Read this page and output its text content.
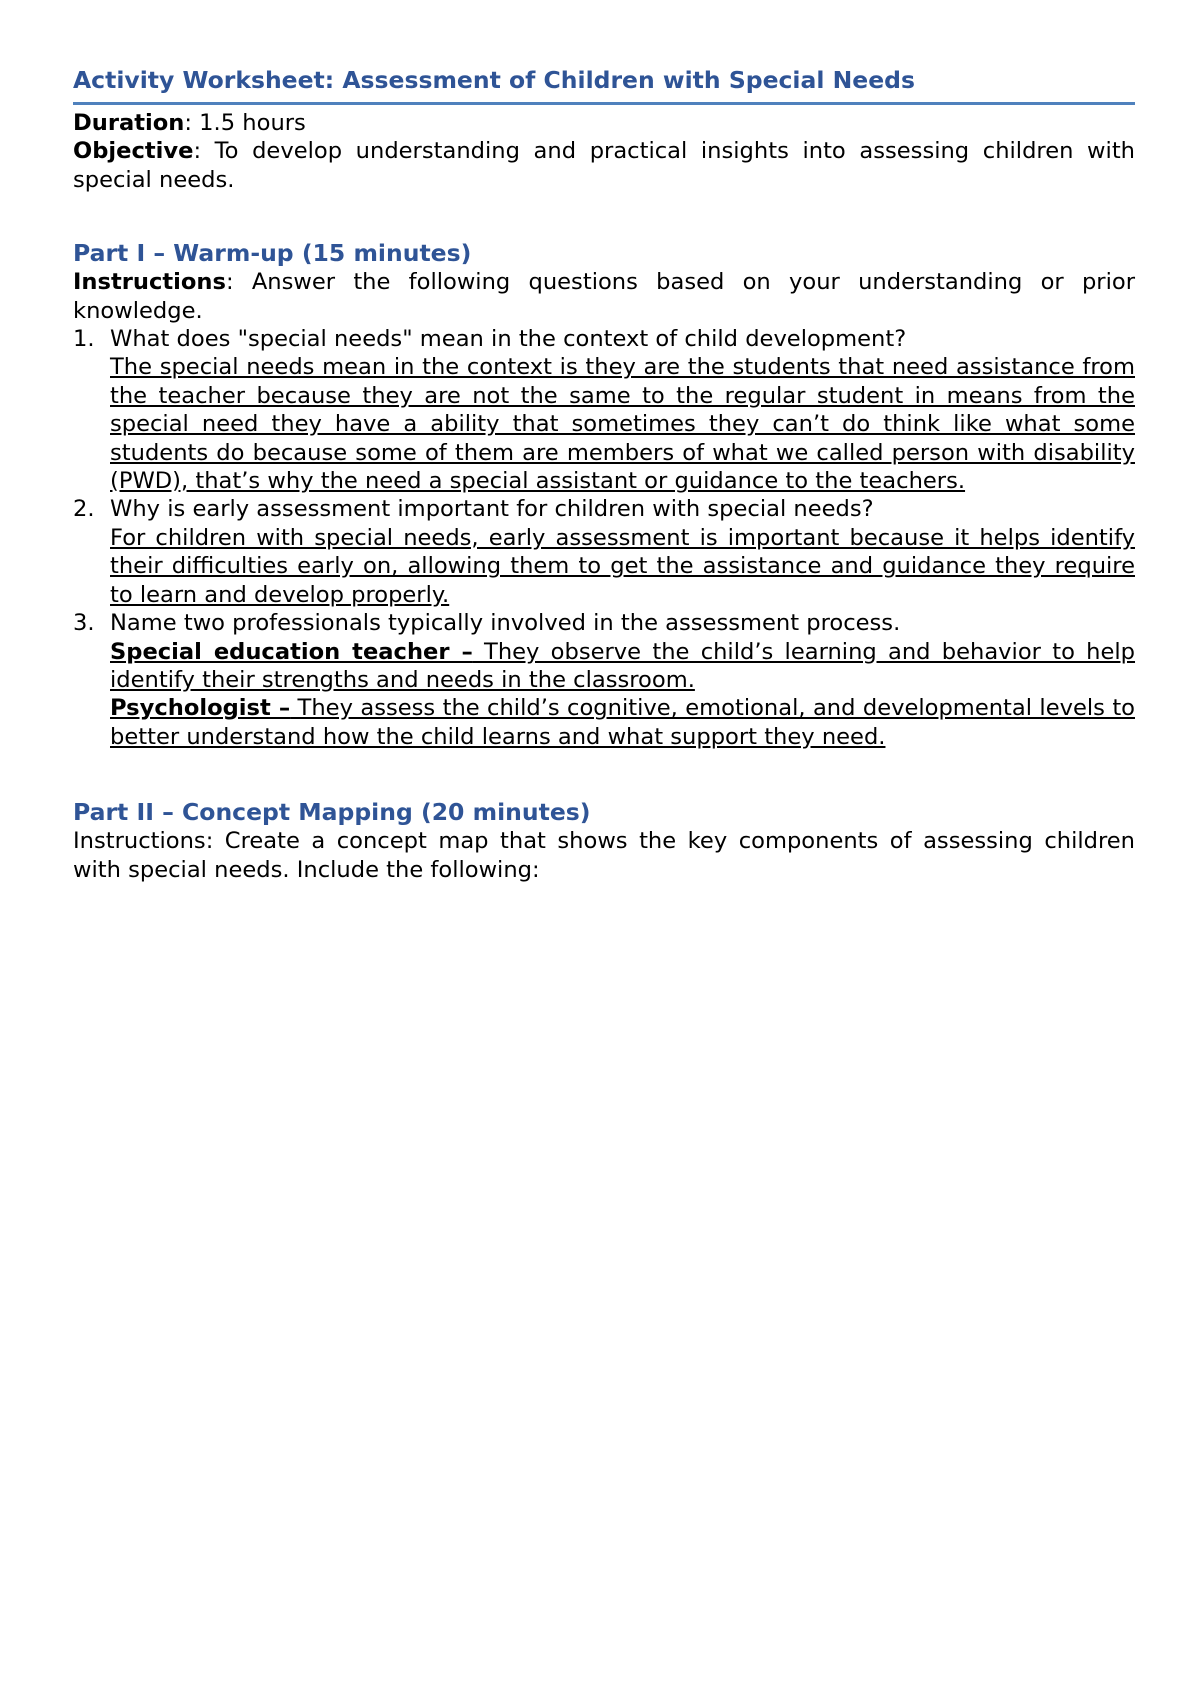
Activity Worksheet: Assessment of Children with Special Needs
Duration: 1.5 hours
Objective: To develop understanding and practical insights into assessing children with special needs.
Part I – Warm-up (15 minutes)
Instructions: Answer the following questions based on your understanding or prior knowledge.
1. What does "special needs" mean in the context of child development?
The special needs mean in the context is they are the students that need assistance from the teacher because they are not the same to the regular student in means from the special need they have a ability that sometimes they can’t do think like what some students do because some of them are members of what we called person with disability (PWD), that’s why the need a special assistant or guidance to the teachers.
2. Why is early assessment important for children with special needs?
For children with special needs, early assessment is important because it helps identify their difficulties early on, allowing them to get the assistance and guidance they require to learn and develop properly.
3. Name two professionals typically involved in the assessment process.
Special education teacher – They observe the child’s learning and behavior to help identify their strengths and needs in the classroom.
Psychologist – They assess the child’s cognitive, emotional, and developmental levels to better understand how the child learns and what support they need.
Part II – Concept Mapping (20 minutes)
Instructions: Create a concept map that shows the key components of assessing children with special needs. Include the following:
